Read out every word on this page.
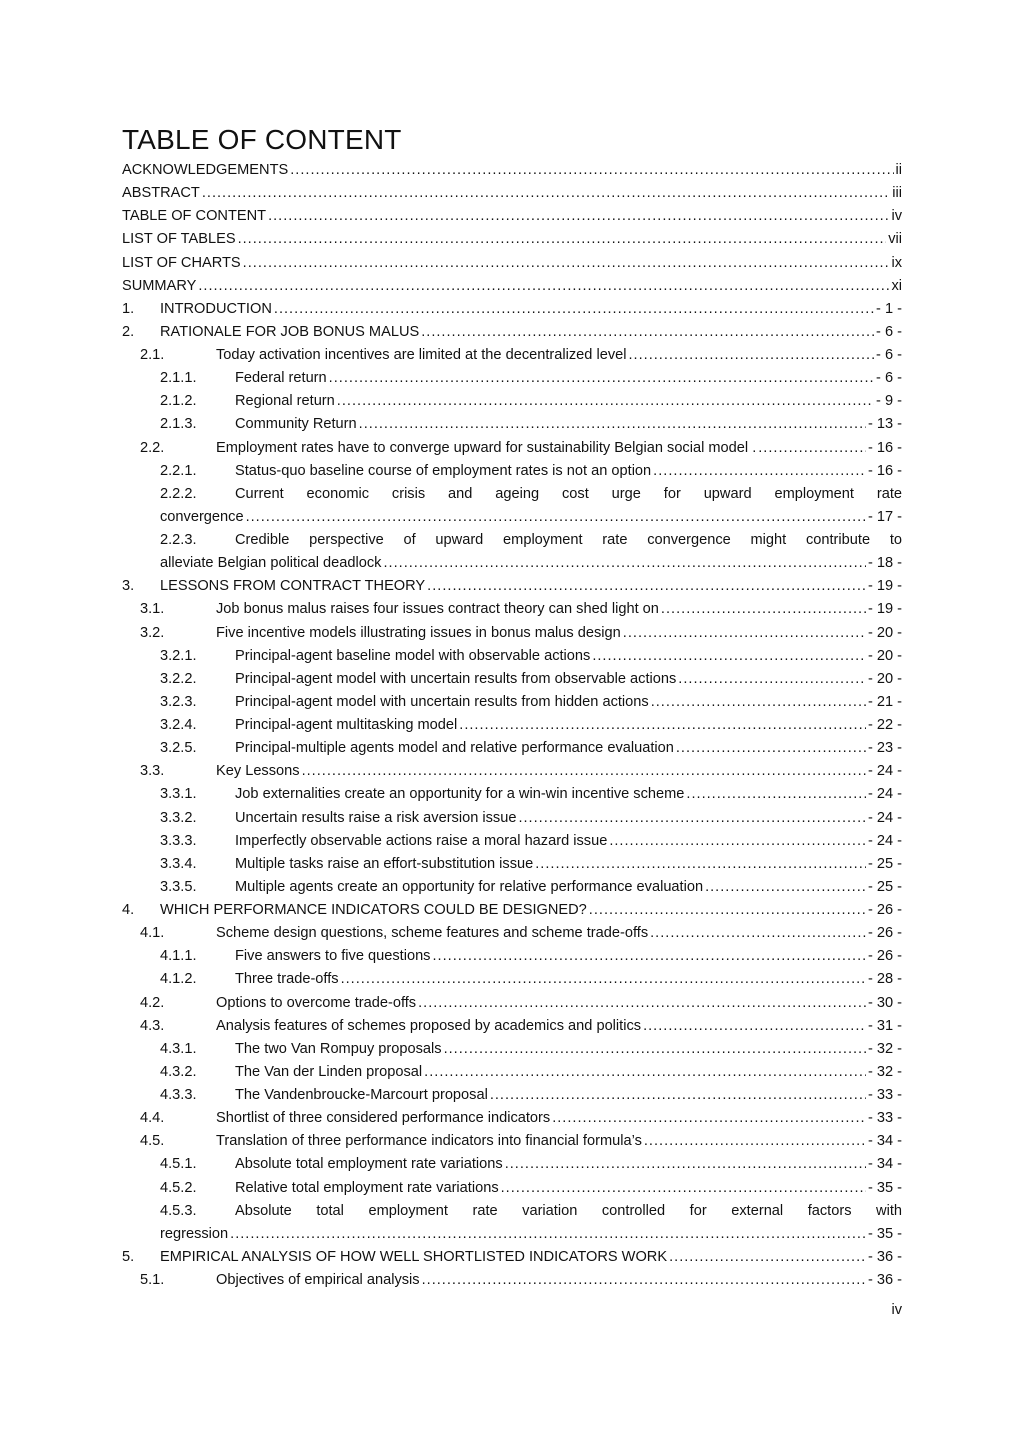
TABLE OF CONTENT
ACKNOWLEDGEMENTS .....	ii
ABSTRACT .....	iii
TABLE OF CONTENT .....	iv
LIST OF TABLES .....	vii
LIST OF CHARTS .....	ix
SUMMARY .....	xi
1. INTRODUCTION .....	- 1 -
2. RATIONALE FOR JOB BONUS MALUS .....	- 6 -
2.1.	Today activation incentives are limited at the decentralized level .....	- 6 -
2.1.1.	Federal return .....	- 6 -
2.1.2.	Regional return .....	- 9 -
2.1.3.	Community Return .....	- 13 -
2.2.	Employment rates have to converge upward for sustainability Belgian social model . .....	- 16 -
2.2.1.	Status-quo baseline course of employment rates is not an option .....	- 16 -
2.2.2.	Current economic crisis and ageing cost urge for upward employment rate
convergence .....	- 17 -
2.2.3.	Credible perspective of upward employment rate convergence might contribute to
alleviate Belgian political deadlock .....	- 18 -
3. LESSONS FROM CONTRACT THEORY .....	- 19 -
3.1.	Job bonus malus raises four issues contract theory can shed light on .....	- 19 -
3.2.	Five incentive models illustrating issues in bonus malus design .....	- 20 -
3.2.1.	Principal-agent baseline model with observable actions .....	- 20 -
3.2.2.	Principal-agent model with uncertain results from observable actions .....	- 20 -
3.2.3.	Principal-agent model with uncertain results from hidden actions .....	- 21 -
3.2.4.	Principal-agent multitasking model .....	- 22 -
3.2.5.	Principal-multiple agents model and relative performance evaluation .....	- 23 -
3.3.	Key Lessons .....	- 24 -
3.3.1.	Job externalities create an opportunity for a win-win incentive scheme .....	- 24 -
3.3.2.	Uncertain results raise a risk aversion issue .....	- 24 -
3.3.3.	Imperfectly observable actions raise a moral hazard issue .....	- 24 -
3.3.4.	Multiple tasks raise an effort-substitution issue .....	- 25 -
3.3.5.	Multiple agents create an opportunity for relative performance evaluation .....	- 25 -
4. WHICH PERFORMANCE INDICATORS COULD BE DESIGNED? .....	- 26 -
4.1.	Scheme design questions, scheme features and scheme trade-offs .....	- 26 -
4.1.1.	Five answers to five questions .....	- 26 -
4.1.2.	Three trade-offs .....	- 28 -
4.2.	Options to overcome trade-offs .....	- 30 -
4.3.	Analysis features of schemes proposed by academics and politics .....	- 31 -
4.3.1.	The two Van Rompuy proposals .....	- 32 -
4.3.2.	The Van der Linden proposal .....	- 32 -
4.3.3.	The Vandenbroucke-Marcourt proposal .....	- 33 -
4.4.	Shortlist of three considered performance indicators .....	- 33 -
4.5.	Translation of three performance indicators into financial formula’s .....	- 34 -
4.5.1.	Absolute total employment rate variations .....	- 34 -
4.5.2.	Relative total employment rate variations .....	- 35 -
4.5.3.	Absolute total employment rate variation controlled for external factors with
regression .....	- 35 -
5. EMPIRICAL ANALYSIS OF HOW WELL SHORTLISTED INDICATORS WORK .....	- 36 -
5.1.	Objectives of empirical analysis .....	- 36 -
iv
